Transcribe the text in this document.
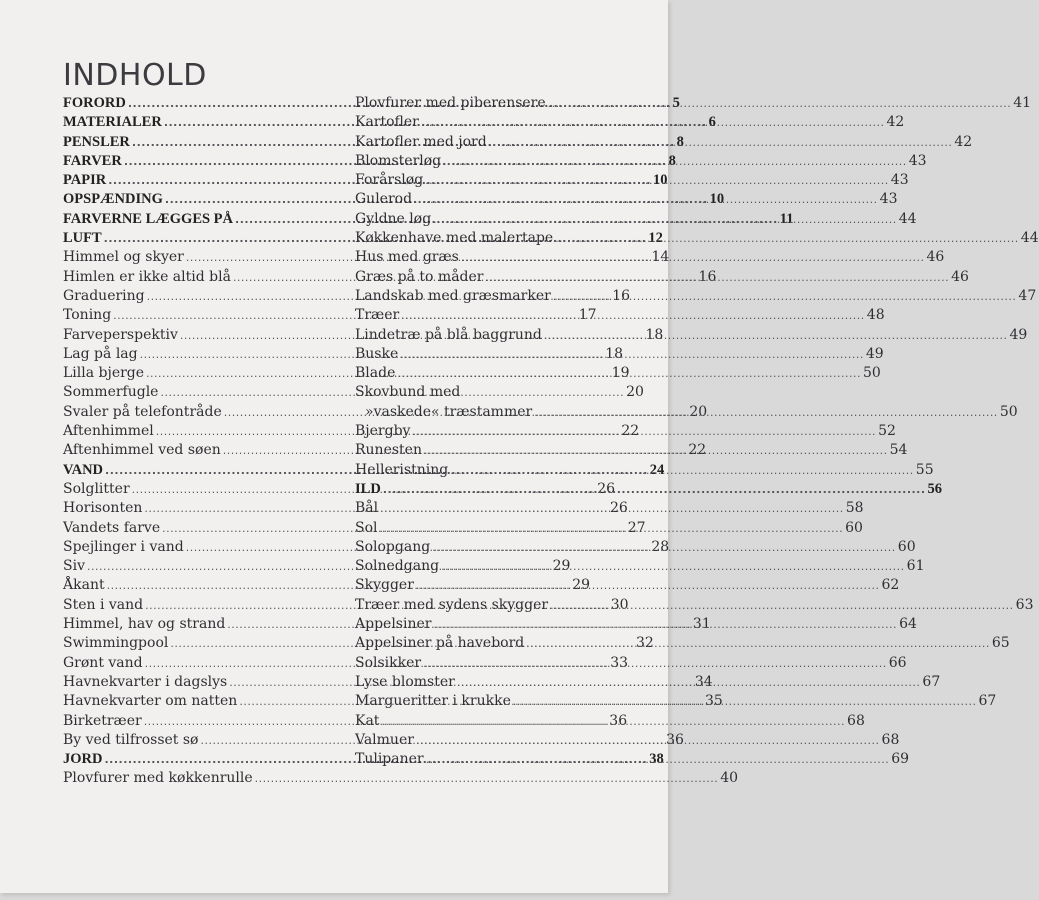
INDHOLD
FORORD .....	5
MATERIALER .....	6
PENSLER .....	8
FARVER .....	8
PAPIR .....	10
OPSPÆNDING .....	10
FARVERNE LÆGGES PÅ .....	11
LUFT .....	12
Himmel og skyer .....	14
Himlen er ikke altid blå .....	16
Graduering .....	16
Toning .....	17
Farveperspektiv .....	18
Lag på lag .....	18
Lilla bjerge .....	19
Sommerfugle .....	20
Svaler på telefontråde .....	20
Aftenhimmel .....	22
Aftenhimmel ved søen .....	22
VAND .....	24
Solglitter .....	26
Horisonten .....	26
Vandets farve .....	27
Spejlinger i vand .....	28
Siv .....	29
Åkant .....	29
Sten i vand .....	30
Himmel, hav og strand .....	31
Swimmingpool .....	32
Grønt vand .....	33
Havnekvarter i dagslys .....	34
Havnekvarter om natten .....	35
Birketræer .....	36
By ved tilfrosset sø .....	36
JORD .....	38
Plovfurer med køkkenrulle .....	40
Plovfurer med piberensere .....	41
Kartofler .....	42
Kartofler med jord .....	42
Blomsterløg .....	43
Forårsløg .....	43
Gulerod .....	43
Gyldne løg .....	44
Køkkenhave med malertape .....	44
Hus med græs .....	46
Græs på to måder .....	46
Landskab med græsmarker .....	47
Træer .....	48
Lindetræ på blå baggrund .....	49
Buske .....	49
Blade .....	50
Skovbund med
»vaskede« træstammer .....	50
Bjergby .....	52
Runesten .....	54
Helleristning .....	55
ILD .....	56
Bål .....	58
Sol .....	60
Solopgang .....	60
Solnedgang .....	61
Skygger .....	62
Træer med sydens skygger .....	63
Appelsiner .....	64
Appelsiner på havebord .....	65
Solsikker .....	66
Lyse blomster .....	67
Margueritter i krukke .....	67
Kat .....	68
Valmuer .....	68
Tulipaner .....	69
